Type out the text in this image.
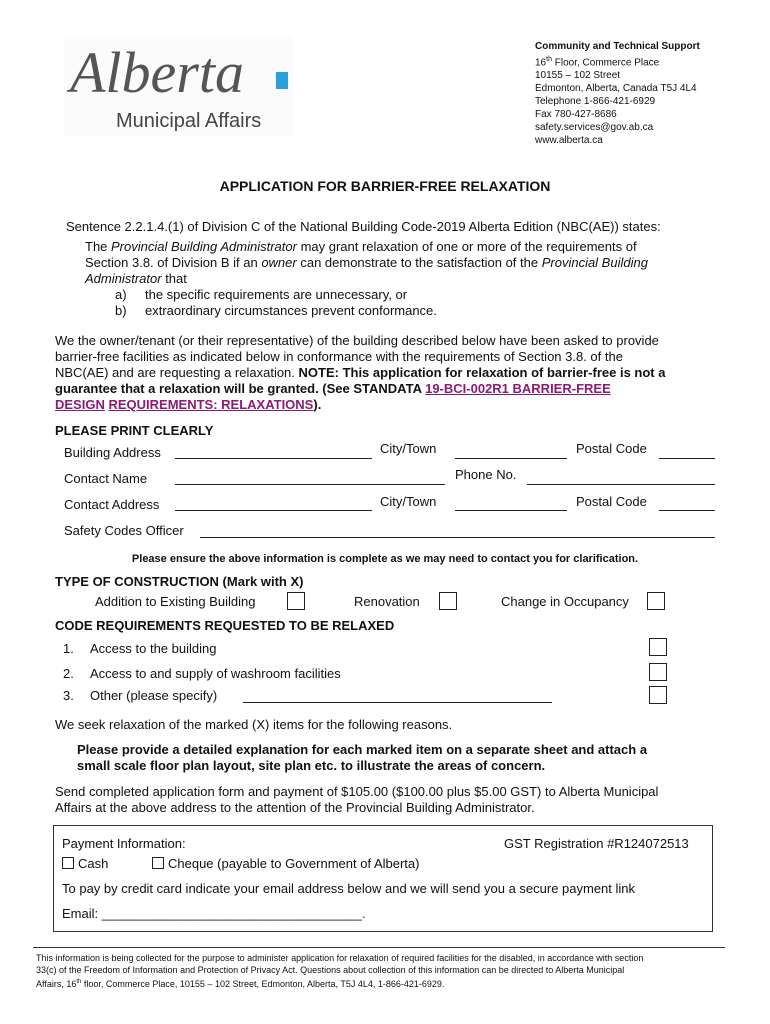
Alberta
Municipal Affairs
Community and Technical Support
16th Floor, Commerce Place
10155 – 102 Street
Edmonton, Alberta, Canada T5J 4L4
Telephone 1-866-421-6929
Fax 780-427-8686
safety.services@gov.ab.ca
www.alberta.ca
APPLICATION FOR BARRIER-FREE RELAXATION
Sentence 2.2.1.4.(1) of Division C of the National Building Code-2019 Alberta Edition (NBC(AE)) states:
The Provincial Building Administrator may grant relaxation of one or more of the requirements of
Section 3.8. of Division B if an owner can demonstrate to the satisfaction of the Provincial Building
Administrator that
a) the specific requirements are unnecessary, or
b) extraordinary circumstances prevent conformance.
We the owner/tenant (or their representative) of the building described below have been asked to provide
barrier-free facilities as indicated below in conformance with the requirements of Section 3.8. of the
NBC(AE) and are requesting a relaxation. NOTE: This application for relaxation of barrier-free is not a
guarantee that a relaxation will be granted. (See STANDATA 19-BCI-002R1 BARRIER-FREE
DESIGN REQUIREMENTS: RELAXATIONS).
PLEASE PRINT CLEARLY
Building Address	City/Town	Postal Code
Contact Name	Phone No.
Contact Address	City/Town	Postal Code
Safety Codes Officer
Please ensure the above information is complete as we may need to contact you for clarification.
TYPE OF CONSTRUCTION (Mark with X)
Addition to Existing Building	Renovation	Change in Occupancy
CODE REQUIREMENTS REQUESTED TO BE RELAXED
1. Access to the building
2. Access to and supply of washroom facilities
3. Other (please specify)
We seek relaxation of the marked (X) items for the following reasons.
Please provide a detailed explanation for each marked item on a separate sheet and attach a
small scale floor plan layout, site plan etc. to illustrate the areas of concern.
Send completed application form and payment of $105.00 ($100.00 plus $5.00 GST) to Alberta Municipal
Affairs at the above address to the attention of the Provincial Building Administrator.
Payment Information:	GST Registration #R124072513
Cash	Cheque (payable to Government of Alberta)
To pay by credit card indicate your email address below and we will send you a secure payment link
Email: ____________________________________.
This information is being collected for the purpose to administer application for relaxation of required facilities for the disabled, in accordance with section
33(c) of the Freedom of Information and Protection of Privacy Act. Questions about collection of this information can be directed to Alberta Municipal
Affairs, 16th floor, Commerce Place, 10155 – 102 Street, Edmonton, Alberta, T5J 4L4, 1-866-421-6929.
